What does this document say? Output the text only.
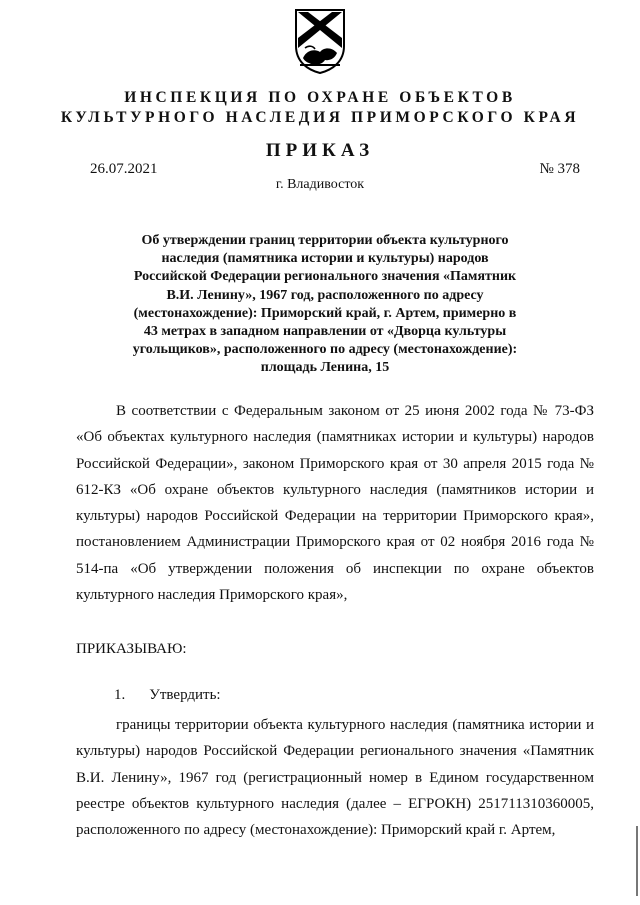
ИНСПЕКЦИЯ ПО ОХРАНЕ ОБЪЕКТОВ
КУЛЬТУРНОГО НАСЛЕДИЯ ПРИМОРСКОГО КРАЯ
ПРИКАЗ
26.07.2021	№ 378
г. Владивосток
Об утверждении границ территории объекта культурного наследия (памятника истории и культуры) народов Российской Федерации регионального значения «Памятник В.И. Ленину», 1967 год, расположенного по адресу (местонахождение): Приморский край, г. Артем, примерно в 43 метрах в западном направлении от «Дворца культуры угольщиков», расположенного по адресу (местонахождение): площадь Ленина, 15
В соответствии с Федеральным законом от 25 июня 2002 года № 73-ФЗ «Об объектах культурного наследия (памятниках истории и культуры) народов Российской Федерации», законом Приморского края от 30 апреля 2015 года № 612-КЗ «Об охране объектов культурного наследия (памятников истории и культуры) народов Российской Федерации на территории Приморского края», постановлением Администрации Приморского края от 02 ноября 2016 года № 514-па «Об утверждении положения об инспекции по охране объектов культурного наследия Приморского края»,
ПРИКАЗЫВАЮ:
1. Утвердить:
границы территории объекта культурного наследия (памятника истории и культуры) народов Российской Федерации регионального значения «Памятник В.И. Ленину», 1967 год (регистрационный номер в Едином государственном реестре объектов культурного наследия (далее – ЕГРОКН) 251711310360005, расположенного по адресу (местонахождение): Приморский край г. Артем,
